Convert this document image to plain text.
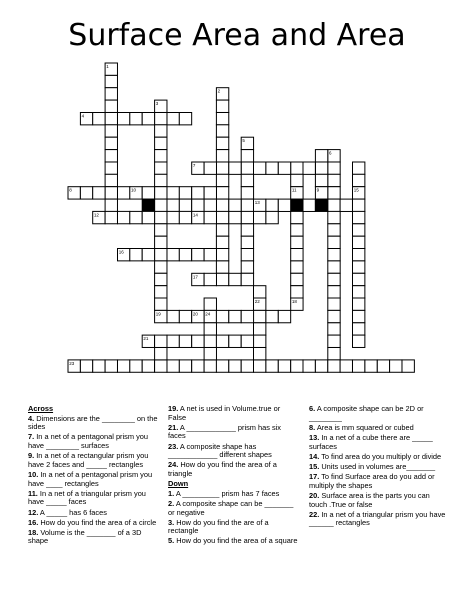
Surface Area and Area
1
2
3
5
6
11
18
9	15
22
24
4
7
8	10
13
12	14
16
17
19	20
21
23
Across
4. Dimensions are the ________ on the sides
7. In a net of a pentagonal prism you have ________ surfaces
9. In a net of a rectangular prism you have 2 faces and _____ rectangles
10. In a net of a pentagonal prism you have ____ rectangles
11. In a net of a triangular prism you have _____ faces
12. A _____ has 6 faces
16. How do you find the area of a circle
18. Volume is the _______ of a 3D shape
19. A net is used in Volume.true or False
21. A ____________ prism has six faces
23. A composite shape has ____________ different shapes
24. How do you find the area of a triangle
Down
1. A _________ prism has 7 faces
2. A composite shape can be _______ or negative
3. How do you find the are of a rectangle
5. How do you find the area of a square
6. A composite shape can be 2D or ________
8. Area is mm squared or cubed
13. In a net of a cube there are _____ surfaces
14. To find area do you multiply or divide
15. Units used in volumes are_______
17. To find Surface area do you add or multiply the shapes
20. Surface area is the parts you can touch .True or false
22. In a net of a triangular prism you have ______ rectangles
